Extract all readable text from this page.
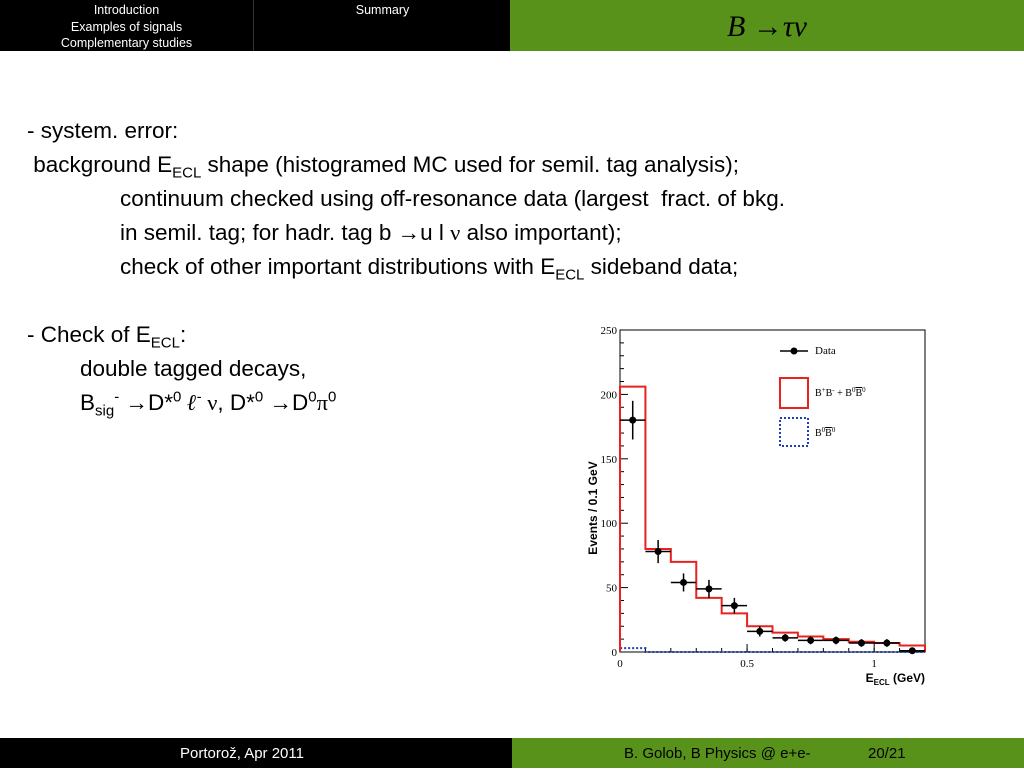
Introduction
Examples of signals
Complementary studies
Summary	B →τν
- system. error:
background $E_{ECL}$ shape (histogramed MC used for semil. tag analysis);
continuum checked using off-resonance data (largest  fract. of bkg.
in semil. tag; for hadr. tag b →u l ν also important);
check of other important distributions with $E_{ECL}$ sideband data;
- Check of $E_{ECL}$:
double tagged decays,
$B_{sig}^- \to D*^0$ ℓ- ν, $D*^0 \to D^0\pi^0$
0
50
100
150
200
250
0	0.5	1
Events / 0.1 GeV
$E_{ECL}$ (GeV)
Data
$B^+B^- + B^0B^0$
$B^0B^0$
Portorož, Apr 2011	B. Golob, B Physics @ e+e-	20/21
